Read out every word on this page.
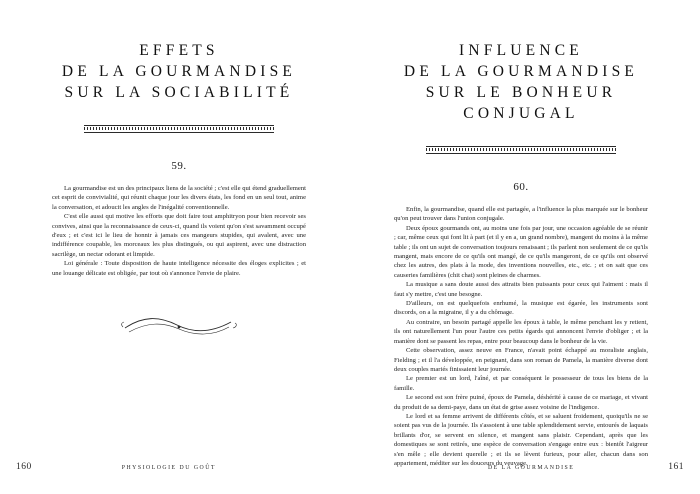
EFFETS
DE LA GOURMANDISE
SUR LA SOCIABILITÉ
59.

La gourmandise est un des principaux liens de la société ; c'est elle qui étend graduellement cet esprit de convivialité, qui réunit chaque jour les divers états, les fond en un seul tout, anime la conversation, et adoucit les angles de l'inégalité conventionnelle.

C'est elle aussi qui motive les efforts que doit faire tout amphitryon pour bien recevoir ses convives, ainsi que la reconnaissance de ceux-ci, quand ils voient qu'on s'est savamment occupé d'eux ; et c'est ici le lieu de honnir à jamais ces mangeurs stupides, qui avalent, avec une indifférence coupable, les morceaux les plus distingués, ou qui aspirent, avec une distraction sacrilège, un nectar odorant et limpide.

Loi générale : Toute disposition de haute intelligence nécessite des éloges explicites ; et une louange délicate est obligée, par tout où s'annonce l'envie de plaire.

160	PHYSIOLOGIE DU GOÛT
INFLUENCE
DE LA GOURMANDISE
SUR LE BONHEUR
CONJUGAL
60.

Enfin, la gourmandise, quand elle est partagée, a l'influence la plus marquée sur le bonheur qu'on peut trouver dans l'union conjugale.

Deux époux gourmands ont, au moins une fois par jour, une occasion agréable de se réunir ; car, même ceux qui font lit à part (et il y en a, un grand nombre), mangent du moins à la même table ; ils ont un sujet de conversation toujours renaissant ; ils parlent non seulement de ce qu'ils mangent, mais encore de ce qu'ils ont mangé, de ce qu'ils mangeront, de ce qu'ils ont observé chez les autres, des plats à la mode, des inventions nouvelles, etc., etc. ; et on sait que ces causeries familières (chit chat) sont pleines de charmes.

La musique a sans doute aussi des attraits bien puissants pour ceux qui l'aiment : mais il faut s'y mettre, c'est une besogne.

D'ailleurs, on est quelquefois enrhumé, la musique est égarée, les instruments sont discords, on a la migraine, il y a du chômage.

Au contraire, un besoin partagé appelle les époux à table, le même penchant les y retient, ils ont naturellement l'un pour l'autre ces petits égards qui annoncent l'envie d'obliger ; et la manière dont se passent les repas, entre pour beaucoup dans le bonheur de la vie.

Cette observation, assez neuve en France, n'avait point échappé au moraliste anglais, Fielding ; et il l'a développée, en peignant, dans son roman de Pamela, la manière diverse dont deux couples mariés finissaient leur journée.

Le premier est un lord, l'aîné, et par conséquent le possesseur de tous les biens de la famille.

Le second est son frère puiné, époux de Pamela, déshérité à cause de ce mariage, et vivant du produit de sa demi-paye, dans un état de grise assez voisine de l'indigence.

Le lord et sa femme arrivent de différents côtés, et se saluent froidement, quoiqu'ils ne se soient pas vus de la journée. Ils s'assoient à une table splendidement servie, entourés de laquais brillants d'or, se servent en silence, et mangent sans plaisir. Cependant, après que les domestiques se sont retirés, une espèce de conversation s'engage entre eux : bientôt l'aigreur s'en mêle ; elle devient querelle ; et ils se lèvent furieux, pour aller, chacun dans son appartement, méditer sur les douceurs du veuvage.

DE LA GOURMANDISE	161
